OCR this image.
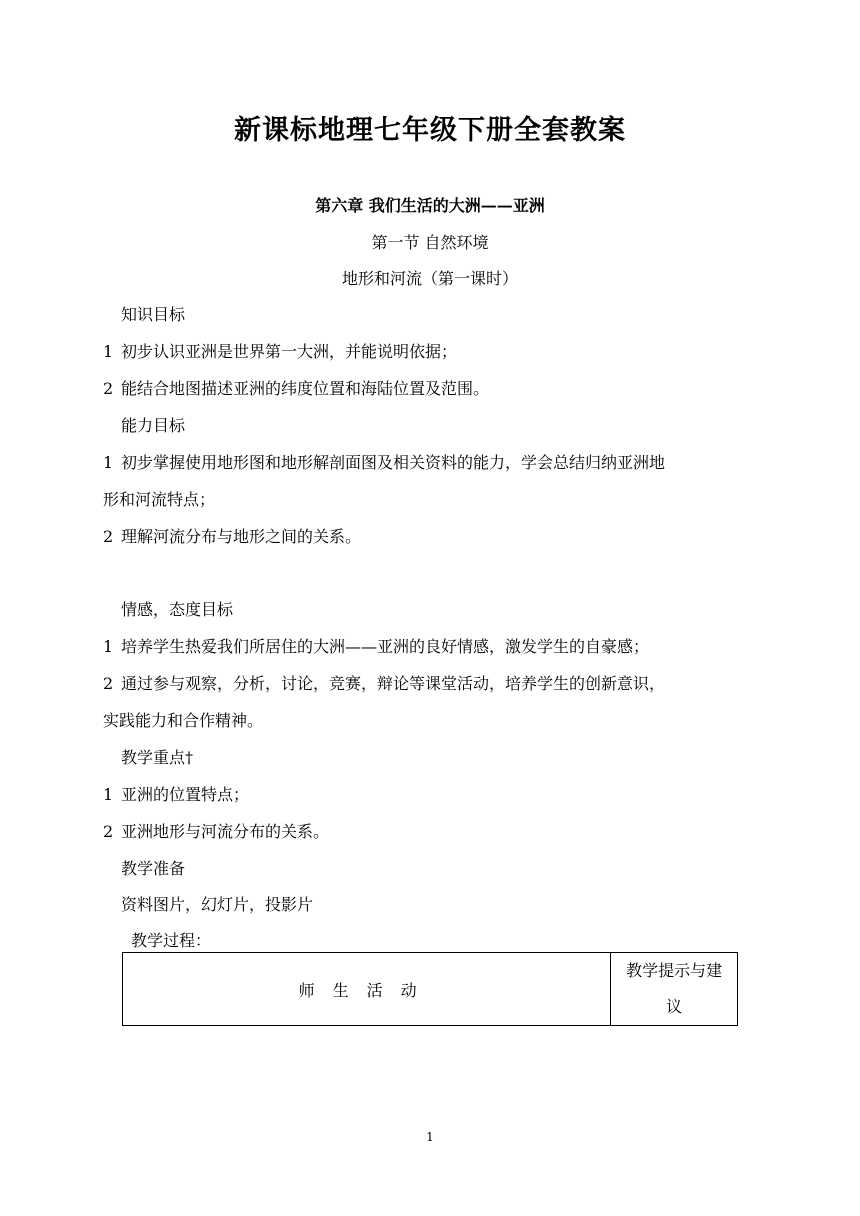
新课标地理七年级下册全套教案
第六章 我们生活的大洲——亚洲
第一节 自然环境
地形和河流（第一课时）
知识目标
1 初步认识亚洲是世界第一大洲，并能说明依据；
2 能结合地图描述亚洲的纬度位置和海陆位置及范围。
能力目标
1 初步掌握使用地形图和地形解剖面图及相关资料的能力，学会总结归纳亚洲地
形和河流特点；
2 理解河流分布与地形之间的关系。
情感，态度目标
1 培养学生热爱我们所居住的大洲——亚洲的良好情感，激发学生的自豪感；
2 通过参与观察，分析，讨论，竞赛，辩论等课堂活动，培养学生的创新意识，
实践能力和合作精神。
教学重点†
1 亚洲的位置特点；
2 亚洲地形与河流分布的关系。
教学准备
资料图片，幻灯片，投影片
教学过程：
师生活动	教学提示与建
议
1
